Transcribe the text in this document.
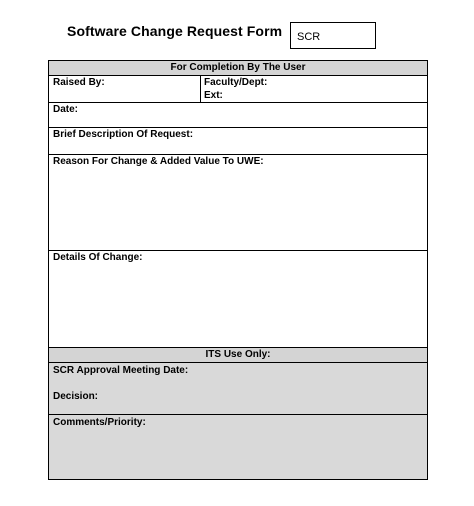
Software Change Request Form	SCR
For Completion By The User
Raised By:	Faculty/Dept:
Ext:
Date:
Brief Description Of Request:
Reason For Change & Added Value To UWE:
Details Of Change:
ITS Use Only:
SCR Approval Meeting Date:
Decision:
Comments/Priority:
